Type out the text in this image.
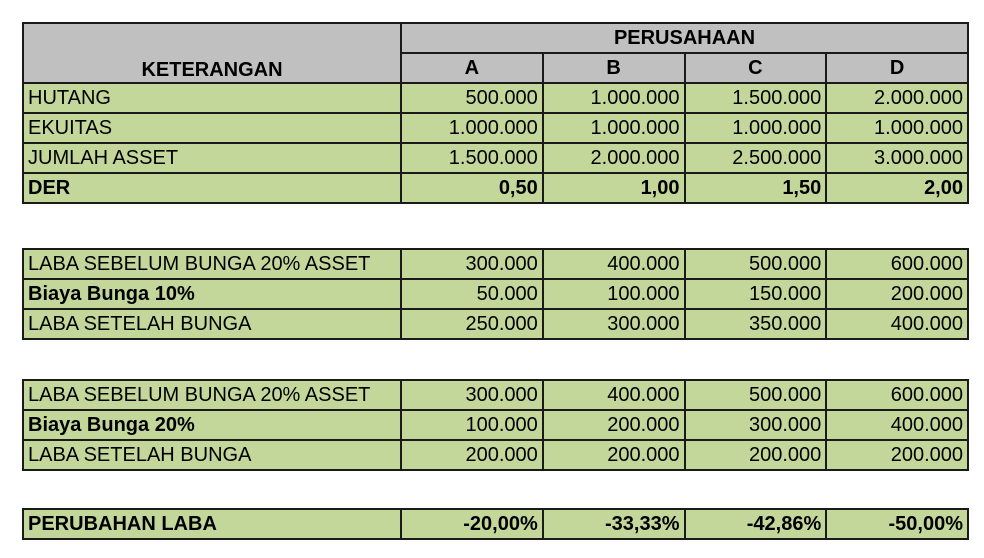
KETERANGAN	PERUSAHAAN			
	A	B	C	D
HUTANG	500.000	1.000.000	1.500.000	2.000.000
EKUITAS	1.000.000	1.000.000	1.000.000	1.000.000
JUMLAH ASSET	1.500.000	2.000.000	2.500.000	3.000.000
DER	0,50	1,00	1,50	2,00
LABA SEBELUM BUNGA 20% ASSET	300.000	400.000	500.000	600.000
Biaya Bunga 10%	50.000	100.000	150.000	200.000
LABA SETELAH BUNGA	250.000	300.000	350.000	400.000
LABA SEBELUM BUNGA 20% ASSET	300.000	400.000	500.000	600.000
Biaya Bunga 20%	100.000	200.000	300.000	400.000
LABA SETELAH BUNGA	200.000	200.000	200.000	200.000
PERUBAHAN LABA	-20,00%	-33,33%	-42,86%	-50,00%
